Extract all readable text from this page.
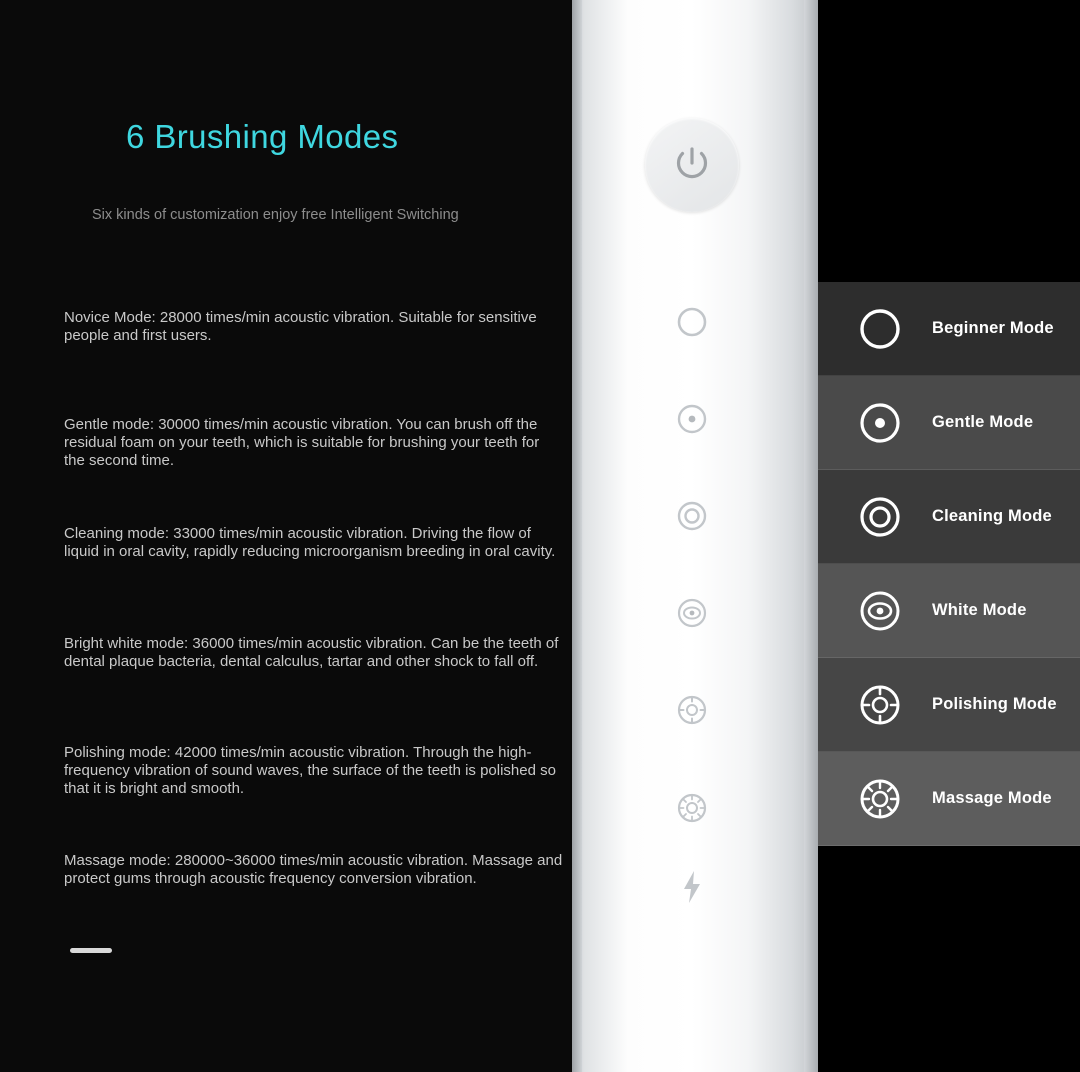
6 Brushing Modes
Six kinds of customization enjoy free Intelligent Switching
Novice Mode: 28000 times/min acoustic vibration. Suitable for sensitive people and first users.
Gentle mode: 30000 times/min acoustic vibration. You can brush off the residual foam on your teeth, which is suitable for brushing your teeth for the second time.
Cleaning mode: 33000 times/min acoustic vibration. Driving the flow of liquid in oral cavity, rapidly reducing microorganism breeding in oral cavity.
Bright white mode: 36000 times/min acoustic vibration. Can be the teeth of dental plaque bacteria, dental calculus, tartar and other shock to fall off.
Polishing mode: 42000 times/min acoustic vibration. Through the high-frequency vibration of sound waves, the surface of the teeth is polished so that it is bright and smooth.
Massage mode: 280000~36000 times/min acoustic vibration. Massage and protect gums through acoustic frequency conversion vibration.
Beginner Mode
Gentle Mode
Cleaning Mode
White Mode
Polishing Mode
Massage Mode
